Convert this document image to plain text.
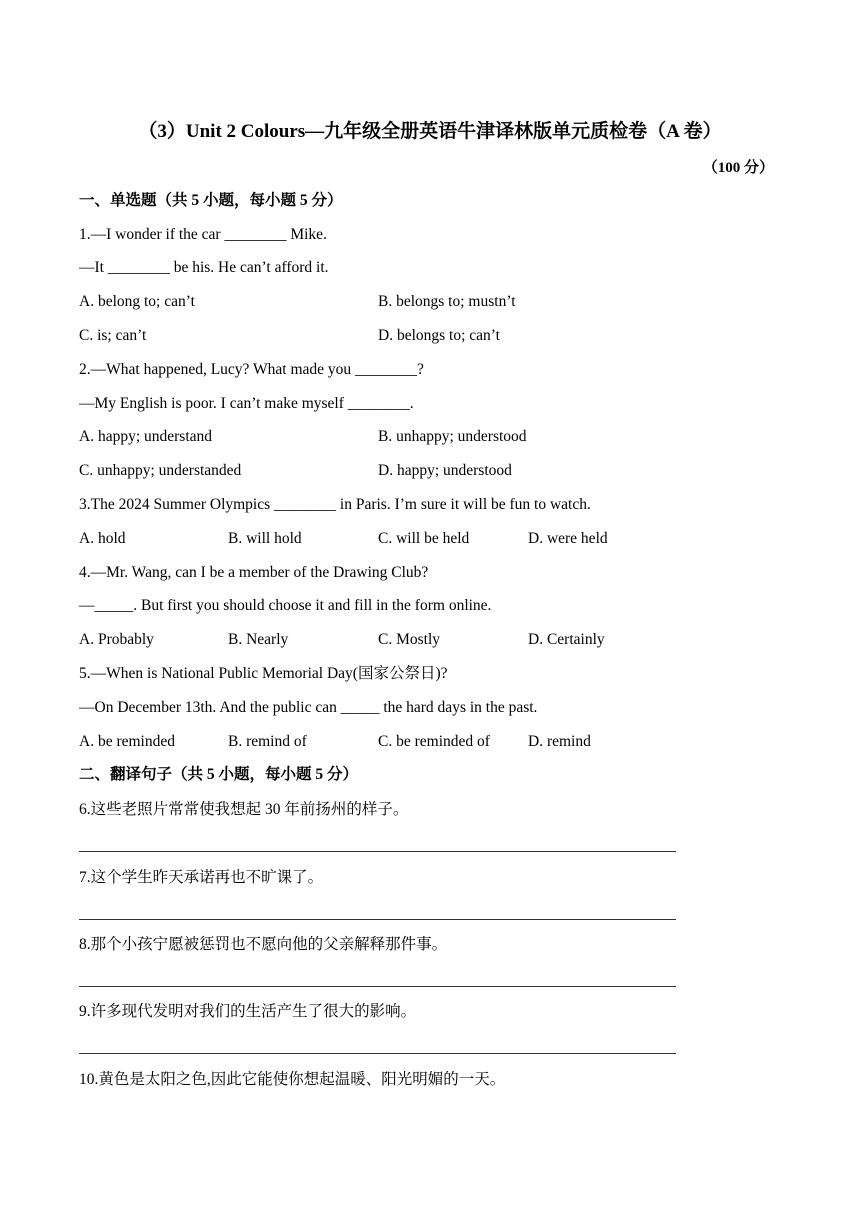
（3）Unit 2 Colours—九年级全册英语牛津译林版单元质检卷（A 卷）
（100 分）
一、单选题（共 5 小题，每小题 5 分）
1.—I wonder if the car ________ Mike.
—It ________ be his. He can’t afford it.
A. belong to; can’t	B. belongs to; mustn’t
C. is; can’t	D. belongs to; can’t
2.—What happened, Lucy? What made you ________?
—My English is poor. I can’t make myself ________.
A. happy; understand	B. unhappy; understood
C. unhappy; understanded	D. happy; understood
3.The 2024 Summer Olympics ________ in Paris. I’m sure it will be fun to watch.
A. hold	B. will hold	C. will be held	D. were held
4.—Mr. Wang, can I be a member of the Drawing Club?
—_____. But first you should choose it and fill in the form online.
A. Probably	B. Nearly	C. Mostly	D. Certainly
5.—When is National Public Memorial Day(国家公祭日)?
—On December 13th. And the public can _____ the hard days in the past.
A. be reminded	B. remind of	C. be reminded of D. remind
二、翻译句子（共 5 小题，每小题 5 分）
6.这些老照片常常使我想起 30 年前扬州的样子。
7.这个学生昨天承诺再也不旷课了。
8.那个小孩宁愿被惩罚也不愿向他的父亲解释那件事。
9.许多现代发明对我们的生活产生了很大的影响。
10.黄色是太阳之色,因此它能使你想起温暖、阳光明媚的一天。
